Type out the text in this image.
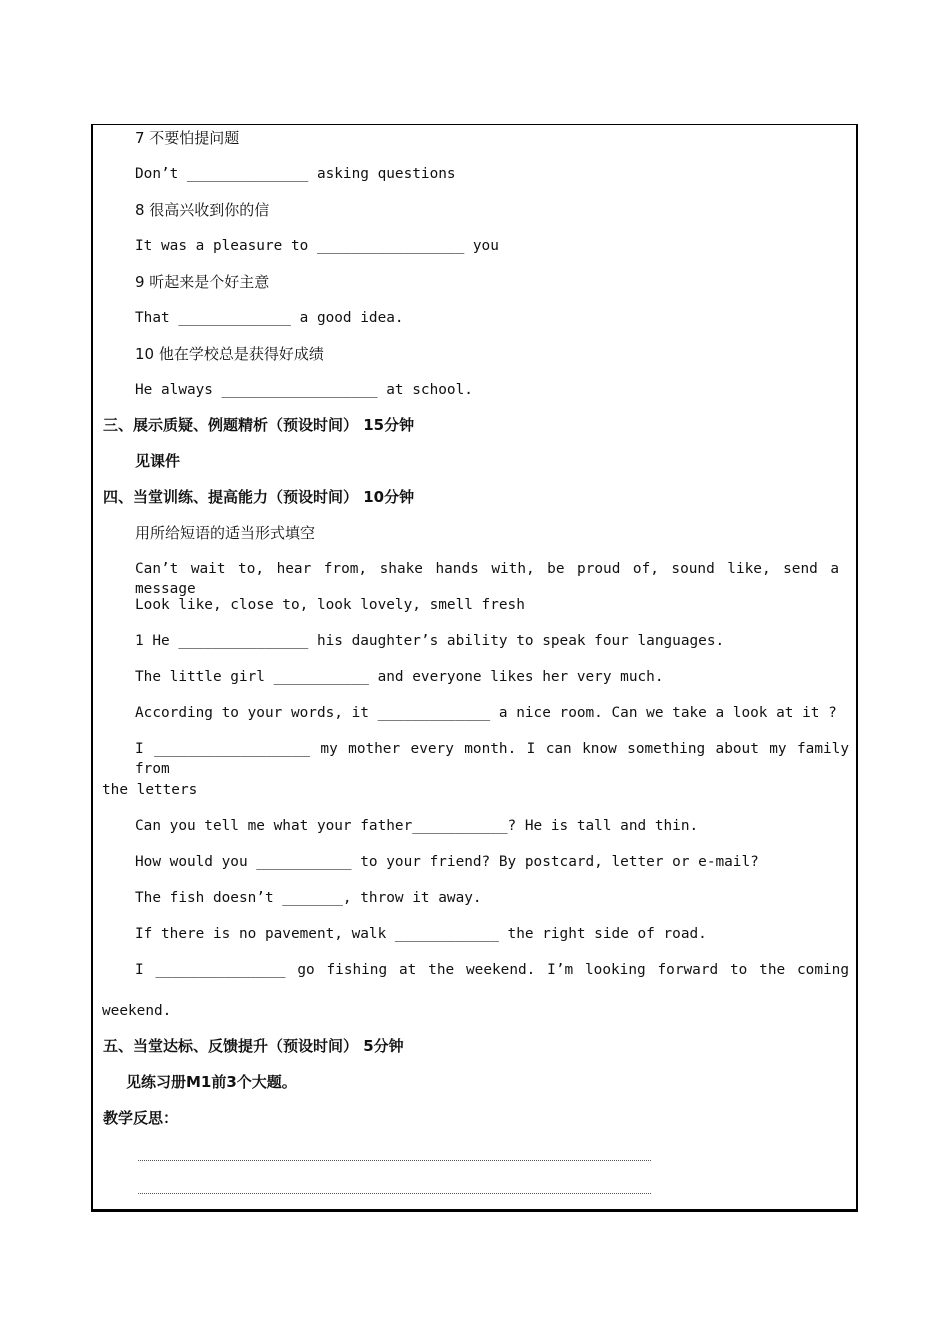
7 不要怕提问题
Don’t ______________ asking questions
8 很高兴收到你的信
It was a pleasure to _________________ you
9 听起来是个好主意
That _____________ a good idea.
10 他在学校总是获得好成绩
He always __________________ at school.
三、展示质疑、例题精析（预设时间） 15分钟
见课件
四、当堂训练、提高能力（预设时间） 10分钟
用所给短语的适当形式填空
Can’t wait to, hear from, shake hands with, be proud of, sound like, send a message
Look like, close to, look lovely, smell fresh
1 He _______________ his daughter’s ability to speak four languages.
The little girl ___________ and everyone likes her very much.
According to your words, it _____________ a nice room. Can we take a look at it ?
I __________________ my mother every month. I can know something about my family from
the letters
Can you tell me what your father___________? He is tall and thin.
How would you ___________ to your friend? By postcard, letter or e-mail?
The fish doesn’t _______, throw it away.
If there is no pavement, walk ____________ the right side of road.
I _______________ go fishing at the weekend. I’m looking forward to the coming
weekend.
五、当堂达标、反馈提升（预设时间） 5分钟
见练习册M1前3个大题。
教学反思：
